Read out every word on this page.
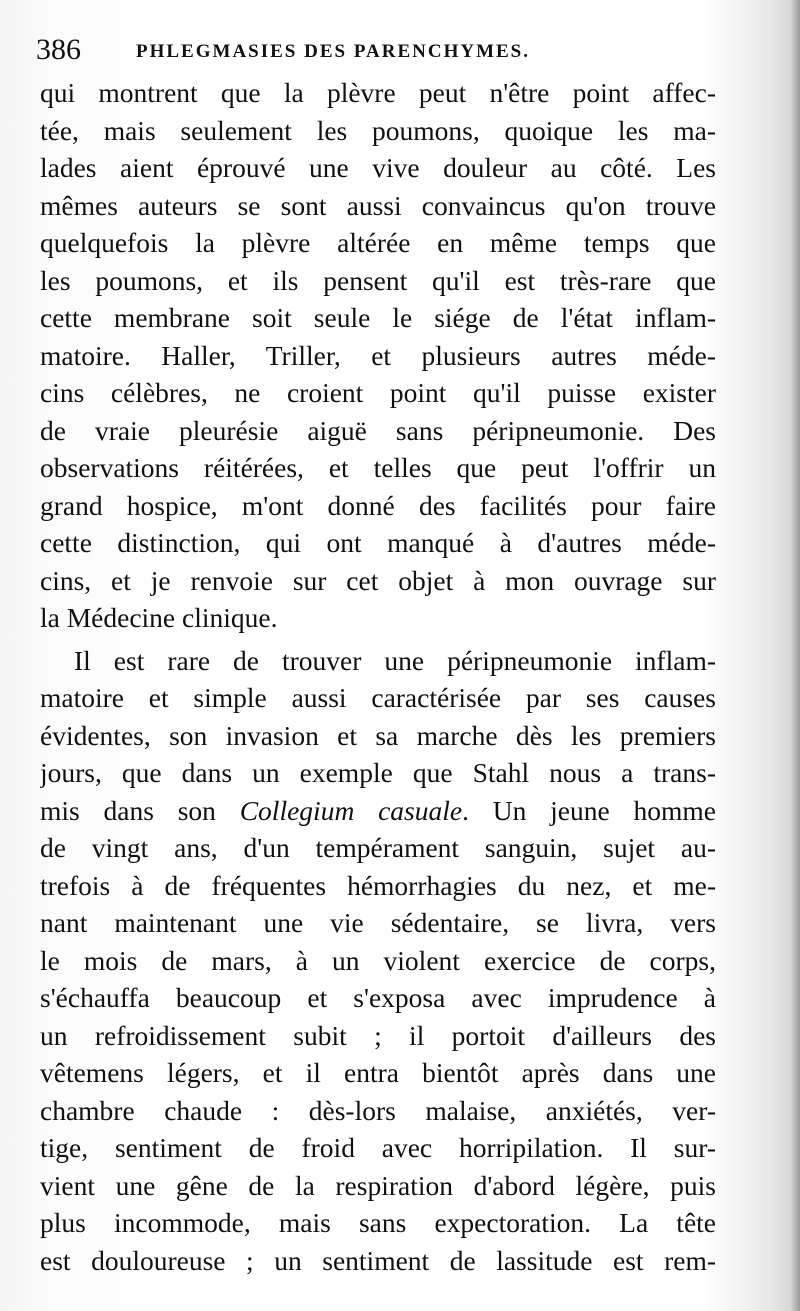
386	PHLEGMASIES DES PARENCHYMES.
qui montrent que la plèvre peut n'être point affec-
tée, mais seulement les poumons, quoique les ma-
lades aient éprouvé une vive douleur au côté. Les
mêmes auteurs se sont aussi convaincus qu'on trouve
quelquefois la plèvre altérée en même temps que
les poumons, et ils pensent qu'il est très-rare que
cette membrane soit seule le siége de l'état inflam-
matoire. Haller, Triller, et plusieurs autres méde-
cins célèbres, ne croient point qu'il puisse exister
de vraie pleurésie aiguë sans péripneumonie. Des
observations réitérées, et telles que peut l'offrir un
grand hospice, m'ont donné des facilités pour faire
cette distinction, qui ont manqué à d'autres méde-
cins, et je renvoie sur cet objet à mon ouvrage sur
la Médecine clinique.
Il est rare de trouver une péripneumonie inflam-
matoire et simple aussi caractérisée par ses causes
évidentes, son invasion et sa marche dès les premiers
jours, que dans un exemple que Stahl nous a trans-
mis dans son Collegium casuale. Un jeune homme
de vingt ans, d'un tempérament sanguin, sujet au-
trefois à de fréquentes hémorrhagies du nez, et me-
nant maintenant une vie sédentaire, se livra, vers
le mois de mars, à un violent exercice de corps,
s'échauffa beaucoup et s'exposa avec imprudence à
un refroidissement subit ; il portoit d'ailleurs des
vêtemens légers, et il entra bientôt après dans une
chambre chaude : dès-lors malaise, anxiétés, ver-
tige, sentiment de froid avec horripilation. Il sur-
vient une gêne de la respiration d'abord légère, puis
plus incommode, mais sans expectoration. La tête
est douloureuse ; un sentiment de lassitude est rem-
